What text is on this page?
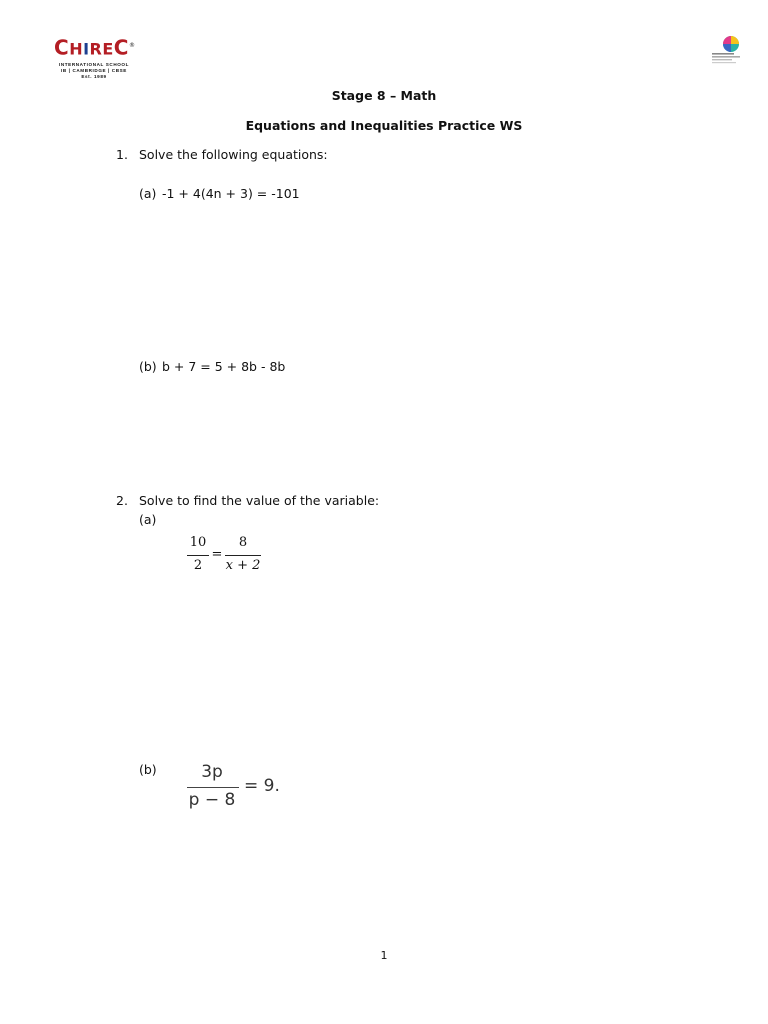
CHIREC®
INTERNATIONAL SCHOOL
IB | CAMBRIDGE | CBSE
Est. 1989
Stage 8 – Math
Equations and Inequalities Practice WS
1. Solve the following equations:
(a) -1 + 4(4n + 3) = -101
(b) b + 7 = 5 + 8b - 8b
2. Solve to find the value of the variable:
(a)
10
2
=
8
x + 2
(b)	3p
p − 8
= 9.
1
